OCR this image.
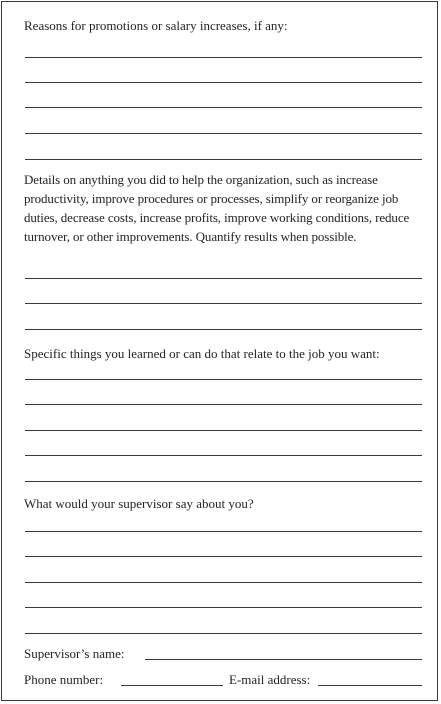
Reasons for promotions or salary increases, if any:

Details on anything you did to help the organization, such as increase productivity, improve procedures or processes, simplify or reorganize job duties, decrease costs, increase profits, improve working conditions, reduce turnover, or other improvements. Quantify results when possible.

Specific things you learned or can do that relate to the job you want:

What would your supervisor say about you?

Supervisor’s name:
Phone number:	E-mail address:
